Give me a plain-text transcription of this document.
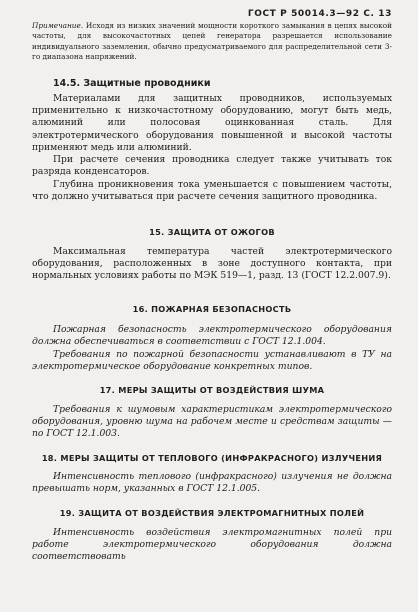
ГОСТ Р 50014.3—92 С. 13

Примечание. Исходя из низких значений мощности короткого замыкания в цепях высокой частоты, для высокочастотных цепей генератора разрешается использование индивидуального заземления, обычно предусматриваемого для распределительной сети 3-го диапазона напряжений.

14.5. Защитные проводники

Материалами для защитных проводников, используемых применительно к низкочастотному оборудованию, могут быть медь, алюминий или полосовая оцинкованная сталь. Для электротермического оборудования повышенной и высокой частоты применяют медь или алюминий.

При расчете сечения проводника следует также учитывать ток разряда конденсаторов.

Глубина проникновения тока уменьшается с повышением частоты, что должно учитываться при расчете сечения защитного проводника.

15. ЗАЩИТА ОТ ОЖОГОВ

Максимальная температура частей электротермического оборудования, расположенных в зоне доступного контакта, при нормальных условиях работы по МЭК 519—1, разд. 13 (ГОСТ 12.2.007.9).

16. ПОЖАРНАЯ БЕЗОПАСНОСТЬ

Пожарная безопасность электротермического оборудования должна обеспечиваться в соответствии с ГОСТ 12.1.004.

Требования по пожарной безопасности устанавливают в ТУ на электротермическое оборудование конкретных типов.

17. МЕРЫ ЗАЩИТЫ ОТ ВОЗДЕЙСТВИЯ ШУМА

Требования к шумовым характеристикам электротермического оборудования, уровню шума на рабочем месте и средствам защиты — по ГОСТ 12.1.003.

18. МЕРЫ ЗАЩИТЫ ОТ ТЕПЛОВОГО (ИНФРАКРАСНОГО) ИЗЛУЧЕНИЯ

Интенсивность теплового (инфракрасного) излучения не должна превышать норм, указанных в ГОСТ 12.1.005.

19. ЗАЩИТА ОТ ВОЗДЕЙСТВИЯ ЭЛЕКТРОМАГНИТНЫХ ПОЛЕЙ

Интенсивность воздействия электромагнитных полей при работе электротермического оборудования должна соответствовать
